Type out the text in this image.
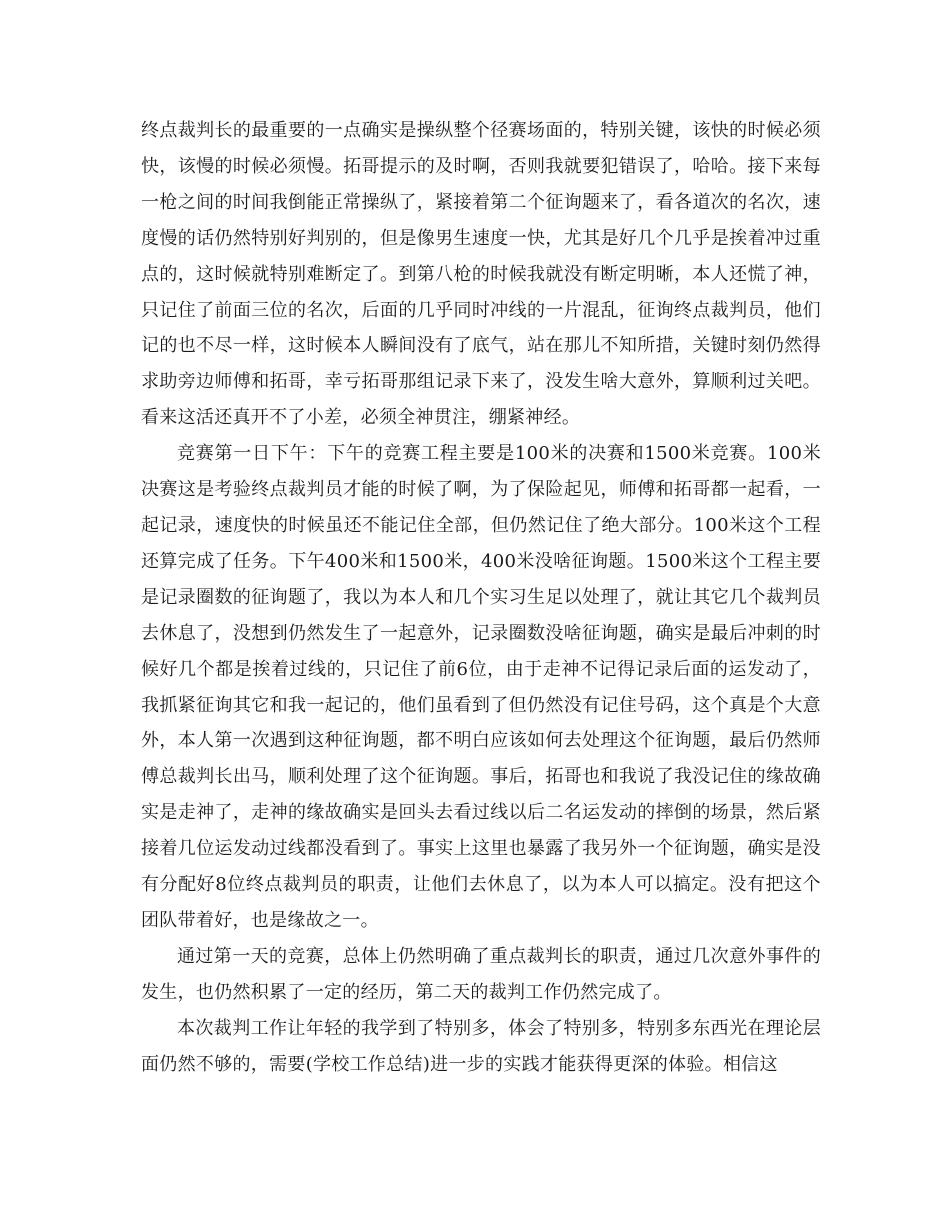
终点裁判长的最重要的一点确实是操纵整个径赛场面的，特别关键，该快的时候必须快，该慢的时候必须慢。拓哥提示的及时啊，否则我就要犯错误了，哈哈。接下来每一枪之间的时间我倒能正常操纵了，紧接着第二个征询题来了，看各道次的名次，速度慢的话仍然特别好判别的，但是像男生速度一快，尤其是好几个几乎是挨着冲过重点的，这时候就特别难断定了。到第八枪的时候我就没有断定明晰，本人还慌了神，只记住了前面三位的名次，后面的几乎同时冲线的一片混乱，征询终点裁判员，他们记的也不尽一样，这时候本人瞬间没有了底气，站在那儿不知所措，关键时刻仍然得求助旁边师傅和拓哥，幸亏拓哥那组记录下来了，没发生啥大意外，算顺利过关吧。看来这活还真开不了小差，必须全神贯注，绷紧神经。

竞赛第一日下午：下午的竞赛工程主要是100米的决赛和1500米竞赛。100米决赛这是考验终点裁判员才能的时候了啊，为了保险起见，师傅和拓哥都一起看，一起记录，速度快的时候虽还不能记住全部，但仍然记住了绝大部分。100米这个工程还算完成了任务。下午400米和1500米，400米没啥征询题。1500米这个工程主要是记录圈数的征询题了，我以为本人和几个实习生足以处理了，就让其它几个裁判员去休息了，没想到仍然发生了一起意外，记录圈数没啥征询题，确实是最后冲刺的时候好几个都是挨着过线的，只记住了前6位，由于走神不记得记录后面的运发动了，我抓紧征询其它和我一起记的，他们虽看到了但仍然没有记住号码，这个真是个大意外，本人第一次遇到这种征询题，都不明白应该如何去处理这个征询题，最后仍然师傅总裁判长出马，顺利处理了这个征询题。事后，拓哥也和我说了我没记住的缘故确实是走神了，走神的缘故确实是回头去看过线以后二名运发动的摔倒的场景，然后紧接着几位运发动过线都没看到了。事实上这里也暴露了我另外一个征询题，确实是没有分配好8位终点裁判员的职责，让他们去休息了，以为本人可以搞定。没有把这个团队带着好，也是缘故之一。

通过第一天的竞赛，总体上仍然明确了重点裁判长的职责，通过几次意外事件的发生，也仍然积累了一定的经历，第二天的裁判工作仍然完成了。

本次裁判工作让年轻的我学到了特别多，体会了特别多，特别多东西光在理论层面仍然不够的，需要(学校工作总结)进一步的实践才能获得更深的体验。相信这
